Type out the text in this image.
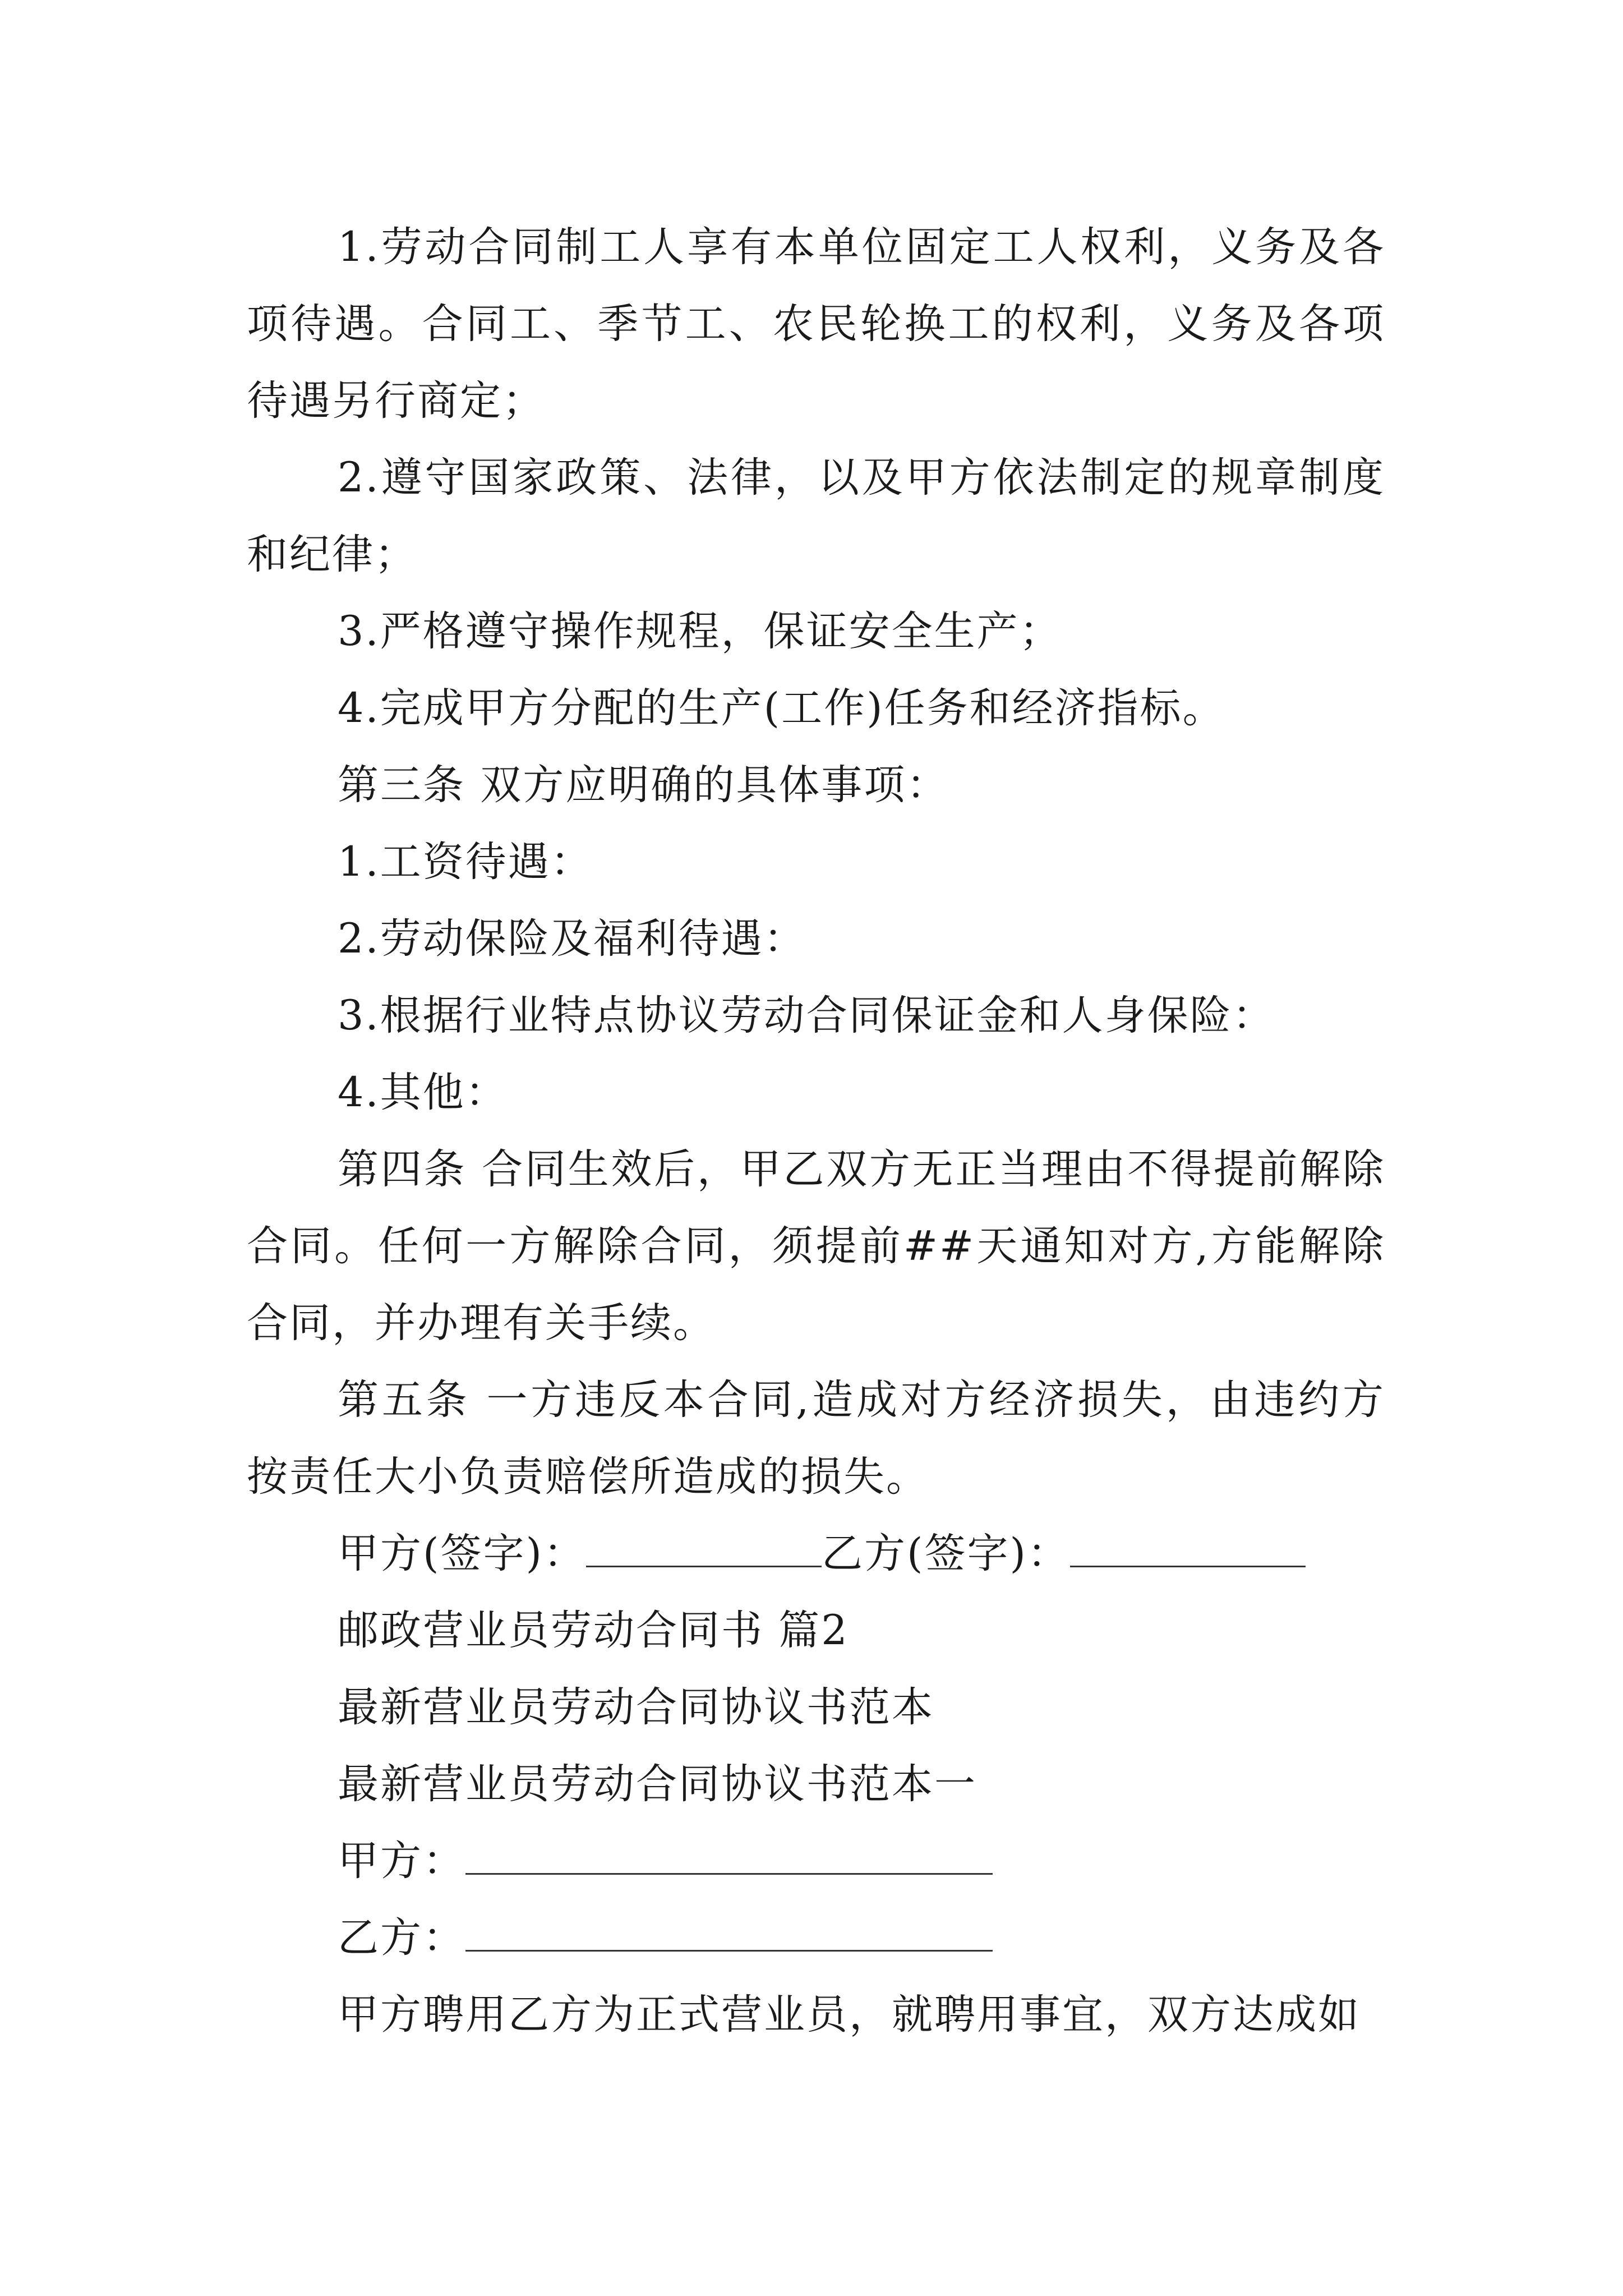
1.劳动合同制工人享有本单位固定工人权利，义务及各项待遇。合同工、季节工、农民轮换工的权利，义务及各项待遇另行商定；

2.遵守国家政策、法律，以及甲方依法制定的规章制度和纪律；

3.严格遵守操作规程，保证安全生产；

4.完成甲方分配的生产(工作)任务和经济指标。

第三条 双方应明确的具体事项：

1.工资待遇：

2.劳动保险及福利待遇：

3.根据行业特点协议劳动合同保证金和人身保险：

4.其他：

第四条 合同生效后，甲乙双方无正当理由不得提前解除合同。任何一方解除合同，须提前##天通知对方,方能解除合同，并办理有关手续。

第五条 一方违反本合同,造成对方经济损失，由违约方按责任大小负责赔偿所造成的损失。

甲方(签字)：	乙方(签字)：

邮政营业员劳动合同书 篇2

最新营业员劳动合同协议书范本

最新营业员劳动合同协议书范本一

甲方：

乙方：

甲方聘用乙方为正式营业员，就聘用事宜，双方达成如
